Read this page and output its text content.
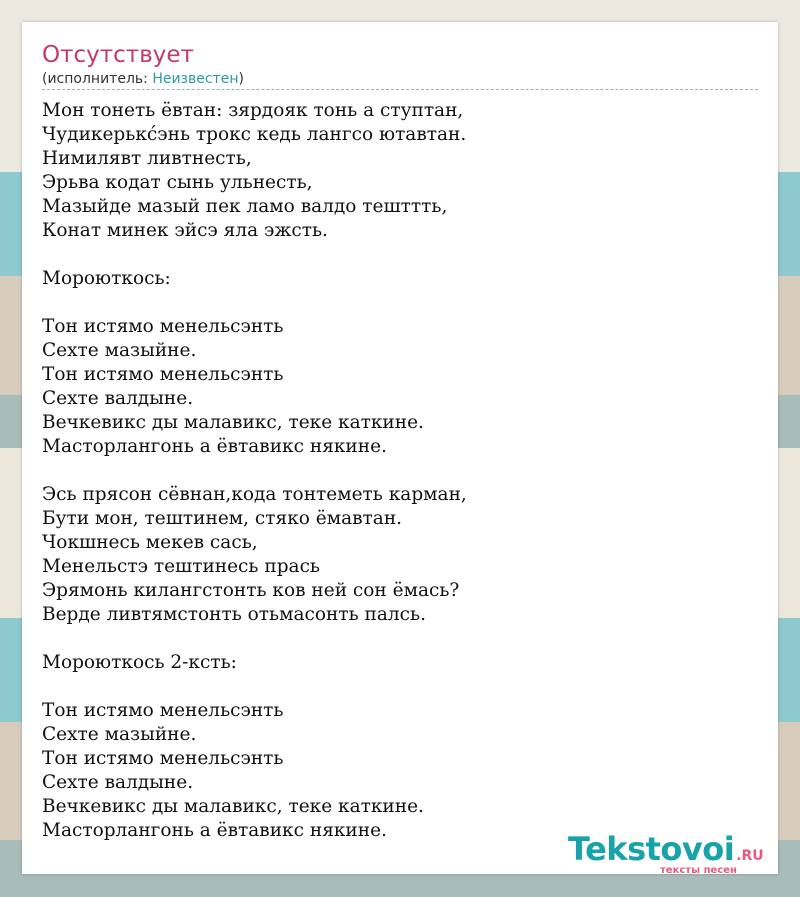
Отсутствует
(исполнитель: Неизвестен)
Мон тонеть ёвтан: зярдояк тонь а ступтан,
Чудикерькс́энь трокс кедь лангсо ютавтан.
Нимилявт ливтнесть,
Эрьва кодат сынь ульнесть,
Мазыйде мазый пек ламо валдо тешттть,
Конат минек эйсэ яла эжсть.
Мороюткось:
Тон истямо менельсэнть
Сехте мазыйне.
Тон истямо менельсэнть
Сехте валдыне.
Вечкевикс ды малавикс, теке каткине.
Масторлангонь а ёвтавикс някине.
Эсь прясон сёвнан,кода тонтеметь карман,
Бути мон, тештинем, стяко ёмавтан.
Чокшнесь мекев сась,
Менельстэ тештинесь прась
Эрямонь килангстонть ков ней сон ёмась?
Верде ливтямстонть отьмасонть палсь.
Мороюткось 2-ксть:
Тон истямо менельсэнть
Сехте мазыйне.
Тон истямо менельсэнть
Сехте валдыне.
Вечкевикс ды малавикс, теке каткине.
Масторлангонь а ёвтавикс някине.	Tekstovoi .RU
тексты песен
